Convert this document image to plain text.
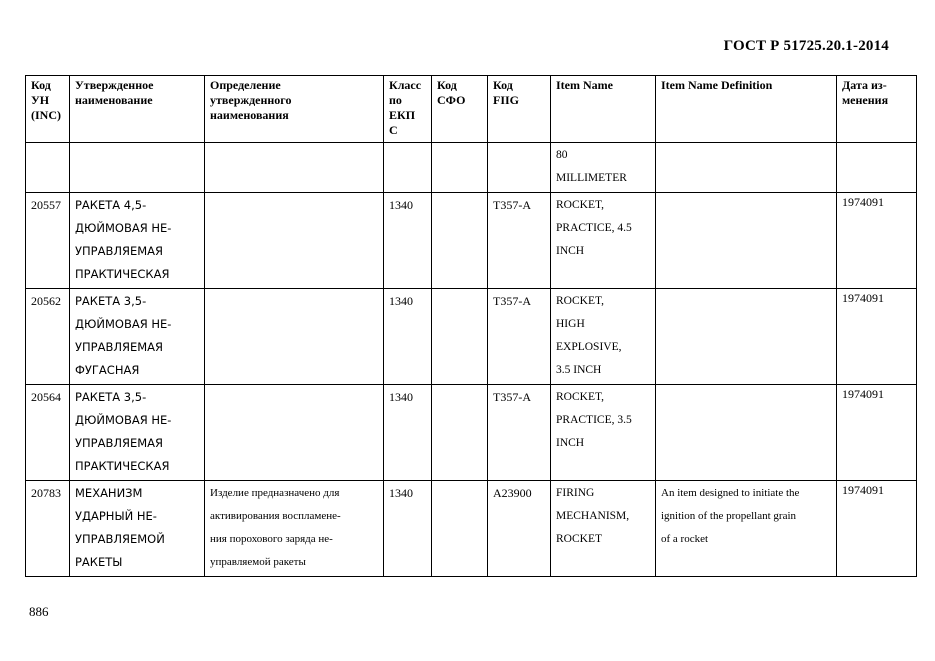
ГОСТ Р 51725.20.1-2014
Код
УН
(INC)	Утвержденное
наименование	Определение
утвержденного
наименования	Класс
по
ЕКП
С	Код
СФО	Код
FIIG	Item Name	Item Name Definition	Дата из-
менения

						80
MILLIMETER		

20557	РАКЕТА 4,5-
ДЮЙМОВАЯ НЕ-
УПРАВЛЯЕМАЯ
ПРАКТИЧЕСКАЯ		1340		T357-A	ROCKET,
PRACTICE, 4.5
INCH		1974091

20562	РАКЕТА 3,5-
ДЮЙМОВАЯ НЕ-
УПРАВЛЯЕМАЯ
ФУГАСНАЯ		1340		T357-A	ROCKET,
HIGH
EXPLOSIVE,
3.5 INCH		1974091

20564	РАКЕТА 3,5-
ДЮЙМОВАЯ НЕ-
УПРАВЛЯЕМАЯ
ПРАКТИЧЕСКАЯ		1340		T357-A	ROCKET,
PRACTICE, 3.5
INCH		1974091

20783	МЕХАНИЗМ
УДАРНЫЙ НЕ-
УПРАВЛЯЕМОЙ
РАКЕТЫ	Изделие предназначено для
активирования воспламене-
ния порохового заряда не-
управляемой ракеты	1340		A23900	FIRING
MECHANISM,
ROCKET	An item designed to initiate the
ignition of the propellant grain
of a rocket	1974091
886
